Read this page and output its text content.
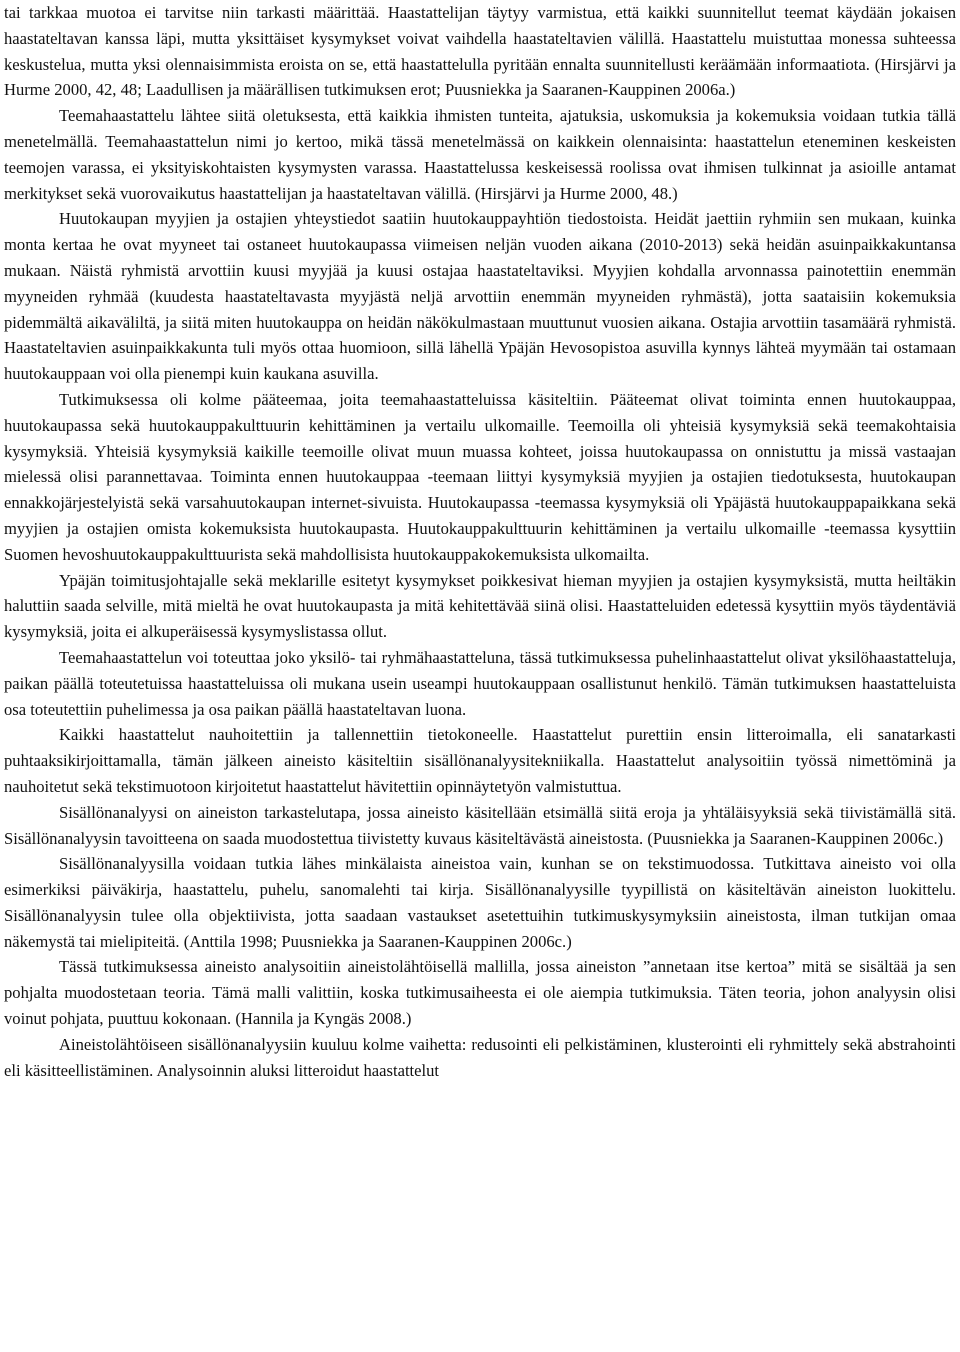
tai tarkkaa muotoa ei tarvitse niin tarkasti määrittää. Haastattelijan täytyy varmistua, että kaikki suunnitellut teemat käydään jokaisen haastateltavan kanssa läpi, mutta yksittäiset kysymykset voivat vaihdella haastateltavien välillä. Haastattelu muistuttaa monessa suhteessa keskustelua, mutta yksi olennaisimmista eroista on se, että haastattelulla pyritään ennalta suunnitellusti keräämään informaatiota. (Hirsjärvi ja Hurme 2000, 42, 48; Laadullisen ja määrällisen tutkimuksen erot; Puusniekka ja Saaranen-Kauppinen 2006a.)

Teemahaastattelu lähtee siitä oletuksesta, että kaikkia ihmisten tunteita, ajatuksia, uskomuksia ja kokemuksia voidaan tutkia tällä menetelmällä. Teemahaastattelun nimi jo kertoo, mikä tässä menetelmässä on kaikkein olennaisinta: haastattelun eteneminen keskeisten teemojen varassa, ei yksityiskohtaisten kysymysten varassa. Haastattelussa keskeisessä roolissa ovat ihmisen tulkinnat ja asioille antamat merkitykset sekä vuorovaikutus haastattelijan ja haastateltavan välillä. (Hirsjärvi ja Hurme 2000, 48.)

Huutokaupan myyjien ja ostajien yhteystiedot saatiin huutokauppayhtiön tiedostoista. Heidät jaettiin ryhmiin sen mukaan, kuinka monta kertaa he ovat myyneet tai ostaneet huutokaupassa viimeisen neljän vuoden aikana (2010-2013) sekä heidän asuinpaikkakuntansa mukaan. Näistä ryhmistä arvottiin kuusi myyjää ja kuusi ostajaa haastateltaviksi. Myyjien kohdalla arvonnassa painotettiin enemmän myyneiden ryhmää (kuudesta haastateltavasta myyjästä neljä arvottiin enemmän myyneiden ryhmästä), jotta saataisiin kokemuksia pidemmältä aikaväliltä, ja siitä miten huutokauppa on heidän näkökulmastaan muuttunut vuosien aikana. Ostajia arvottiin tasamäärä ryhmistä. Haastateltavien asuinpaikkakunta tuli myös ottaa huomioon, sillä lähellä Ypäjän Hevosopistoa asuvilla kynnys lähteä myymään tai ostamaan huutokauppaan voi olla pienempi kuin kaukana asuvilla.

Tutkimuksessa oli kolme pääteemaa, joita teemahaastatteluissa käsiteltiin. Pääteemat olivat toiminta ennen huutokauppaa, huutokaupassa sekä huutokauppakulttuurin kehittäminen ja vertailu ulkomaille. Teemoilla oli yhteisiä kysymyksiä sekä teemakohtaisia kysymyksiä. Yhteisiä kysymyksiä kaikille teemoille olivat muun muassa kohteet, joissa huutokaupassa on onnistuttu ja missä vastaajan mielessä olisi parannettavaa. Toiminta ennen huutokauppaa -teemaan liittyi kysymyksiä myyjien ja ostajien tiedotuksesta, huutokaupan ennakkojärjestelyistä sekä varsahuutokaupan internet-sivuista. Huutokaupassa -teemassa kysymyksiä oli Ypäjästä huutokauppapaikkana sekä myyjien ja ostajien omista kokemuksista huutokaupasta. Huutokauppakulttuurin kehittäminen ja vertailu ulkomaille -teemassa kysyttiin Suomen hevoshuutokauppakulttuurista sekä mahdollisista huutokauppakokemuksista ulkomailta.

Ypäjän toimitusjohtajalle sekä meklarille esitetyt kysymykset poikkesivat hieman myyjien ja ostajien kysymyksistä, mutta heiltäkin haluttiin saada selville, mitä mieltä he ovat huutokaupasta ja mitä kehitettävää siinä olisi. Haastatteluiden edetessä kysyttiin myös täydentäviä kysymyksiä, joita ei alkuperäisessä kysymyslistassa ollut.

Teemahaastattelun voi toteuttaa joko yksilö- tai ryhmähaastatteluna, tässä tutkimuksessa puhelinhaastattelut olivat yksilöhaastatteluja, paikan päällä toteutetuissa haastatteluissa oli mukana usein useampi huutokauppaan osallistunut henkilö. Tämän tutkimuksen haastatteluista osa toteutettiin puhelimessa ja osa paikan päällä haastateltavan luona.

Kaikki haastattelut nauhoitettiin ja tallennettiin tietokoneelle. Haastattelut purettiin ensin litteroimalla, eli sanatarkasti puhtaaksikirjoittamalla, tämän jälkeen aineisto käsiteltiin sisällönanalyysitekniikalla. Haastattelut analysoitiin työssä nimettöminä ja nauhoitetut sekä tekstimuotoon kirjoitetut haastattelut hävitettiin opinnäytetyön valmistuttua.

Sisällönanalyysi on aineiston tarkastelutapa, jossa aineisto käsitellään etsimällä siitä eroja ja yhtäläisyyksiä sekä tiivistämällä sitä. Sisällönanalyysin tavoitteena on saada muodostettua tiivistetty kuvaus käsiteltävästä aineistosta. (Puusniekka ja Saaranen-Kauppinen 2006c.)

Sisällönanalyysilla voidaan tutkia lähes minkälaista aineistoa vain, kunhan se on tekstimuodossa. Tutkittava aineisto voi olla esimerkiksi päiväkirja, haastattelu, puhelu, sanomalehti tai kirja. Sisällönanalyysille tyypillistä on käsiteltävän aineiston luokittelu. Sisällönanalyysin tulee olla objektiivista, jotta saadaan vastaukset asetettuihin tutkimuskysymyksiin aineistosta, ilman tutkijan omaa näkemystä tai mielipiteitä. (Anttila 1998; Puusniekka ja Saaranen-Kauppinen 2006c.)

Tässä tutkimuksessa aineisto analysoitiin aineistolähtöisellä mallilla, jossa aineiston ”annetaan itse kertoa” mitä se sisältää ja sen pohjalta muodostetaan teoria. Tämä malli valittiin, koska tutkimusaiheesta ei ole aiempia tutkimuksia. Täten teoria, johon analyysin olisi voinut pohjata, puuttuu kokonaan. (Hannila ja Kyngäs 2008.)

Aineistolähtöiseen sisällönanalyysiin kuuluu kolme vaihetta: redusointi eli pelkistäminen, klusterointi eli ryhmittely sekä abstrahointi eli käsitteellistäminen. Analysoinnin aluksi litteroidut haastattelut
